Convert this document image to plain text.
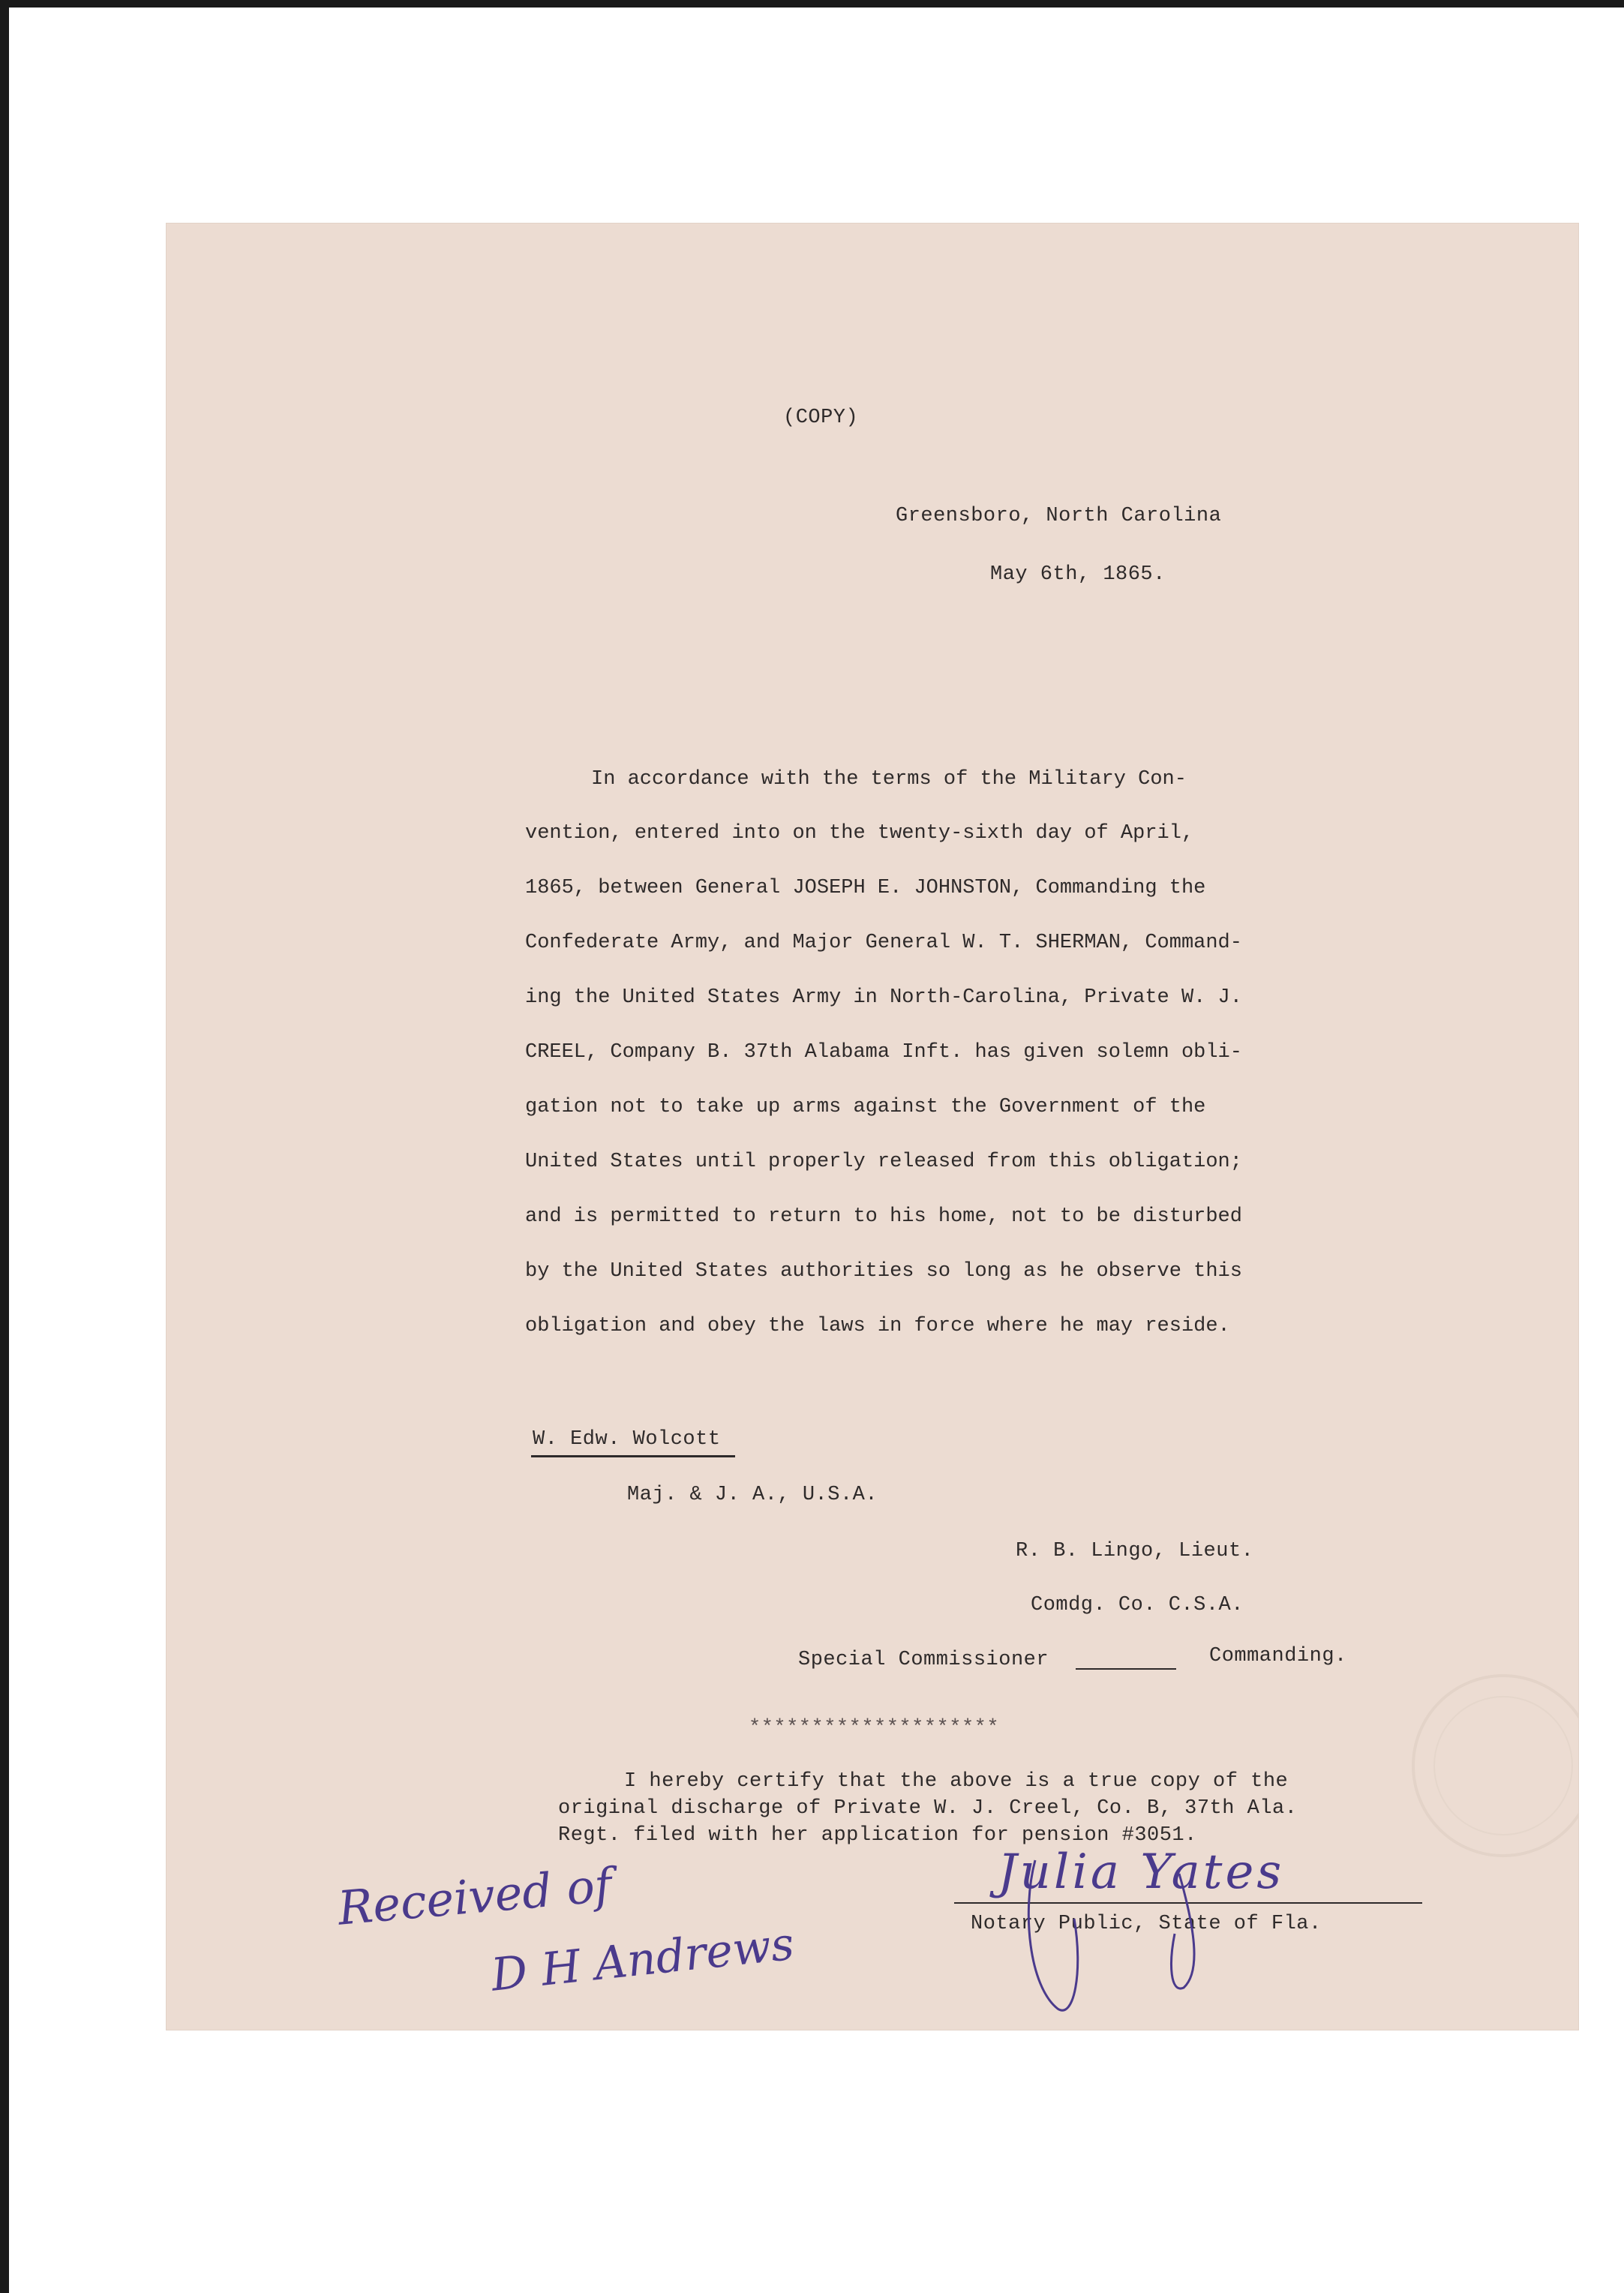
(COPY)
Greensboro, North Carolina
May 6th, 1865.
In accordance with the terms of the Military Con-
vention, entered into on the twenty-sixth day of April,
1865, between General JOSEPH E. JOHNSTON, Commanding the
Confederate Army, and Major General W. T. SHERMAN, Command-
ing the United States Army in North-Carolina, Private W. J.
CREEL, Company B. 37th Alabama Inft. has given solemn obli-
gation not to take up arms against the Government of the
United States until properly released from this obligation;
and is permitted to return to his home, not to be disturbed
by the United States authorities so long as he observe this
obligation and obey the laws in force where he may reside.
W. Edw. Wolcott
Maj. & J. A., U.S.A.
R. B. Lingo, Lieut.
Comdg. Co. C.S.A.
Special Commissioner	Commanding.
********************
I hereby certify that the above is a true copy of the
original discharge of Private W. J. Creel, Co. B, 37th Ala.
Regt. filed with her application for pension #3051.
Notary Public, State of Fla.
Julia Yates
Received of
D H Andrews
